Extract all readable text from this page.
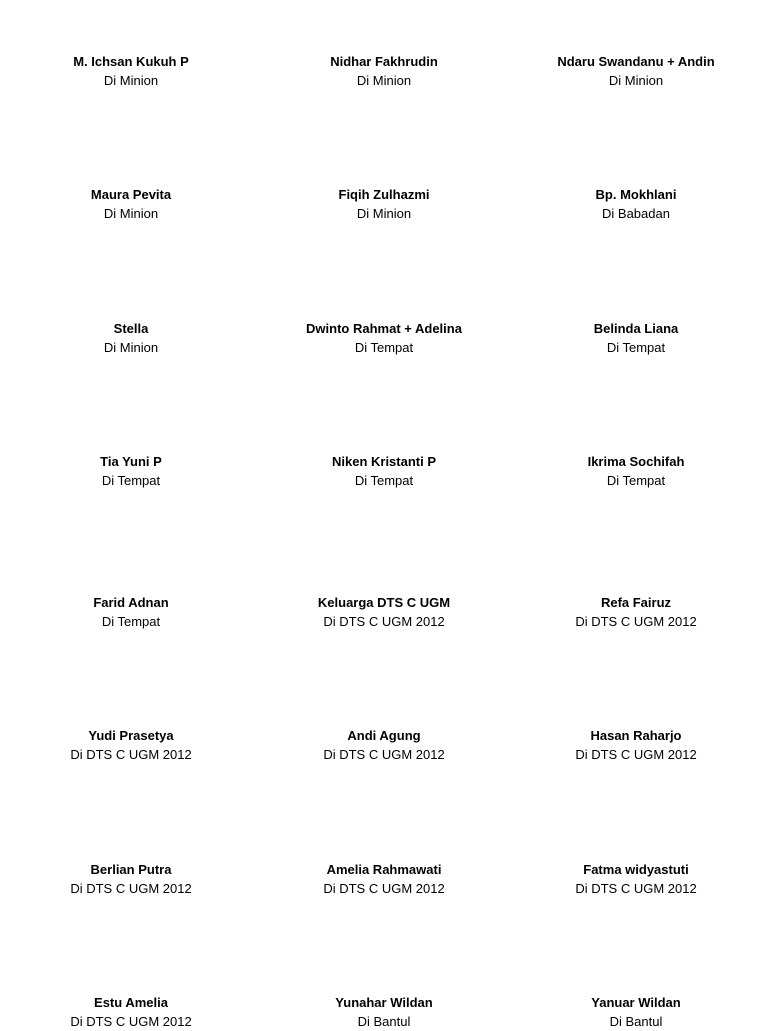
M. Ichsan Kukuh P
Di Minion
Nidhar Fakhrudin
Di Minion
Ndaru Swandanu + Andin
Di Minion
Maura Pevita
Di Minion
Fiqih Zulhazmi
Di Minion
Bp. Mokhlani
Di Babadan
Stella
Di Minion
Dwinto Rahmat + Adelina
Di Tempat
Belinda Liana
Di Tempat
Tia Yuni P
Di Tempat
Niken Kristanti P
Di Tempat
Ikrima Sochifah
Di Tempat
Farid Adnan
Di Tempat
Keluarga DTS C UGM
Di DTS C UGM 2012
Refa Fairuz
Di DTS C UGM 2012
Yudi Prasetya
Di DTS C UGM 2012
Andi Agung
Di DTS C UGM 2012
Hasan Raharjo
Di DTS C UGM 2012
Berlian Putra
Di DTS C UGM 2012
Amelia Rahmawati
Di DTS C UGM 2012
Fatma widyastuti
Di DTS C UGM 2012
Estu Amelia
Di DTS C UGM 2012
Yunahar Wildan
Di Bantul
Yanuar Wildan
Di Bantul
